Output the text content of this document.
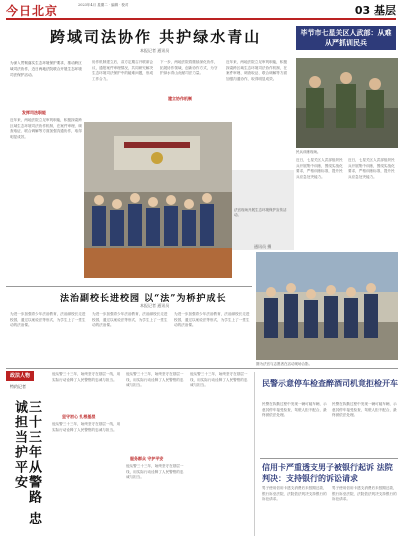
今日北京	2023年4月 星期二 · 编辑 · 校对	03 基层
跨域司法协作 共护绿水青山
本报记者 通讯员
为深入贯彻落实生态环境保护要求，推动跨区域司法协作，近日两地法院联合开展生态环境司法保护活动。
发挥司法职能
近年来，两地法院立足审判职能，积极探索跨区域生态环境司法协作机制，在案件审理、调查取证、联合调解等方面加强沟通协作，取得明显成效。
协作机制建立后，双方定期召开联席会议，通报案件审理情况，共同研究解决生态环境司法保护中的疑难问题，形成工作合力。
建立协作机制
下一步，两地法院将继续深化协作，拓展协作领域，创新协作方式，为守护绿水青山贡献司法力量。
近年来，两地法院立足审判职能，积极探索跨区域生态环境司法协作机制，在案件审理、调查取证、联合调解等方面加强沟通协作，取得明显成效。
毕节市七星关区人武部：从难从严抓训民兵
民兵训练现场。
近日，七星关区人武部组织民兵开展集中训练，围绕实战化要求，严格训练标准，提升民兵应急处突能力。
近日，七星关区人武部组织民兵开展集中训练，围绕实战化要求，严格训练标准，提升民兵应急处突能力。
法官现场开展生态环境保护宣传活动。
通讯员 摄
图为法官与志愿者在活动现场合影。
法治副校长进校园 以“法”为桥护成长
本报记者 通讯员
为进一步加强青少年法治教育，法治副校长走进校园，通过以案说法等形式，为学生上了一堂生动的法治课。
为进一步加强青少年法治教育，法治副校长走进校园，通过以案说法等形式，为学生上了一堂生动的法治课。
为进一步加强青少年法治教育，法治副校长走进校园，通过以案说法等形式，为学生上了一堂生动的法治课。
政法人物
特约记者
三十三年从警路 忠诚担当护平安
他从警三十三年，始终坚守在基层一线，用实际行动诠释了人民警察的忠诚与担当。
坚守初心 扎根基层
他从警三十三年，始终坚守在基层一线，用实际行动诠释了人民警察的忠诚与担当。
他从警三十三年，始终坚守在基层一线，用实际行动诠释了人民警察的忠诚与担当。
服务群众 守护平安
他从警三十三年，始终坚守在基层一线，用实际行动诠释了人民警察的忠诚与担当。
他从警三十三年，始终坚守在基层一线，用实际行动诠释了人民警察的忠诚与担当。	民警示意停车检查醉酒司机竟拒检开车
民警在执勤过程中发现一辆可疑车辆，示意其停车接受检查，驾驶人拒不配合，最终被依法处理。
民警在执勤过程中发现一辆可疑车辆，示意其停车接受检查，驾驶人拒不配合，最终被依法处理。
信用卡严重透支男子被银行起诉 法院判决：支持银行的诉讼请求
男子使用信用卡透支消费后未按期还款，银行诉至法院，法院依法判决支持银行的诉讼请求。
男子使用信用卡透支消费后未按期还款，银行诉至法院，法院依法判决支持银行的诉讼请求。
